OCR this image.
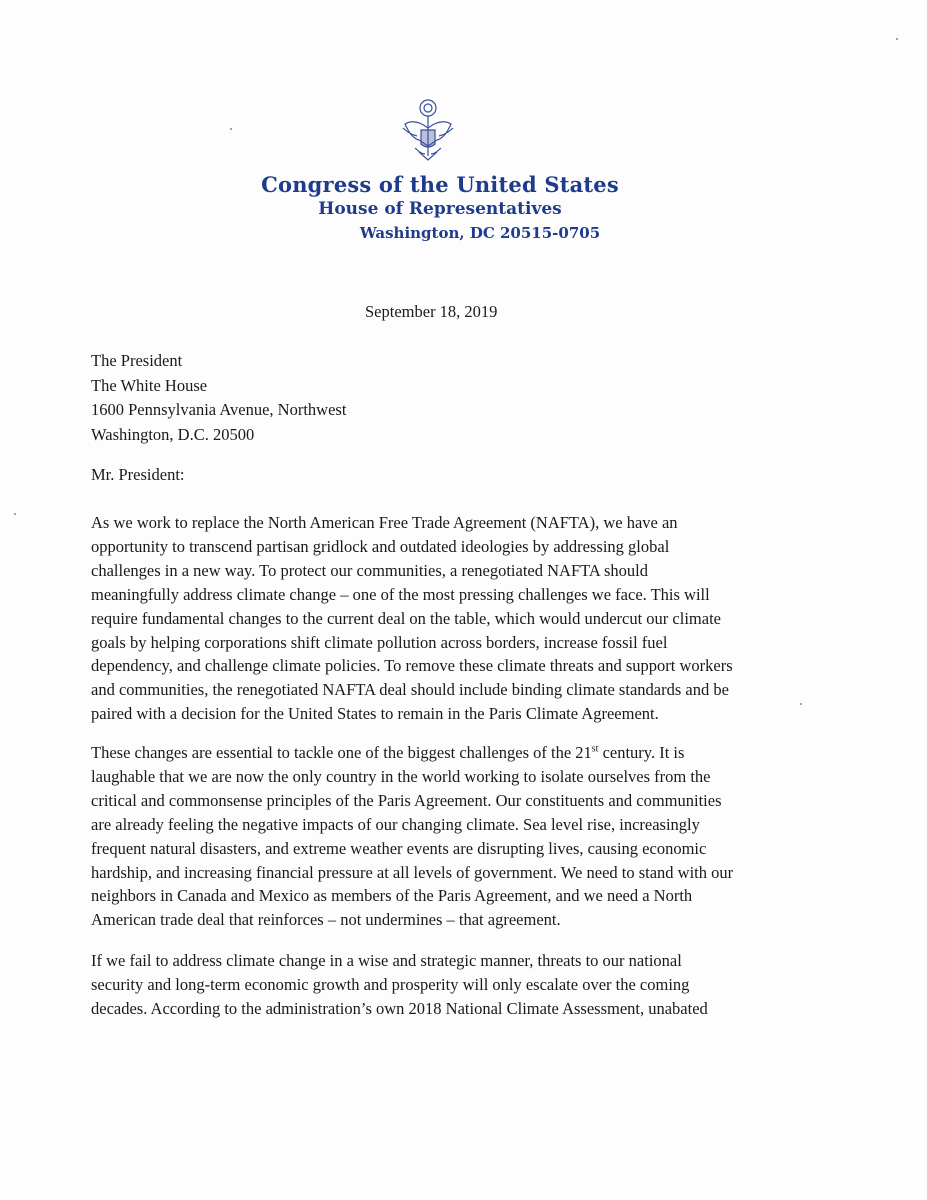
Congress of the United States
House of Representatives
Washington, DC 20515-0705
September 18, 2019
The President
The White House
1600 Pennsylvania Avenue, Northwest
Washington, D.C. 20500
Mr. President:
As we work to replace the North American Free Trade Agreement (NAFTA), we have an
opportunity to transcend partisan gridlock and outdated ideologies by addressing global
challenges in a new way. To protect our communities, a renegotiated NAFTA should
meaningfully address climate change – one of the most pressing challenges we face. This will
require fundamental changes to the current deal on the table, which would undercut our climate
goals by helping corporations shift climate pollution across borders, increase fossil fuel
dependency, and challenge climate policies. To remove these climate threats and support workers
and communities, the renegotiated NAFTA deal should include binding climate standards and be
paired with a decision for the United States to remain in the Paris Climate Agreement.
These changes are essential to tackle one of the biggest challenges of the 21st century. It is
laughable that we are now the only country in the world working to isolate ourselves from the
critical and commonsense principles of the Paris Agreement. Our constituents and communities
are already feeling the negative impacts of our changing climate. Sea level rise, increasingly
frequent natural disasters, and extreme weather events are disrupting lives, causing economic
hardship, and increasing financial pressure at all levels of government. We need to stand with our
neighbors in Canada and Mexico as members of the Paris Agreement, and we need a North
American trade deal that reinforces – not undermines – that agreement.
If we fail to address climate change in a wise and strategic manner, threats to our national
security and long-term economic growth and prosperity will only escalate over the coming
decades. According to the administration’s own 2018 National Climate Assessment, unabated
